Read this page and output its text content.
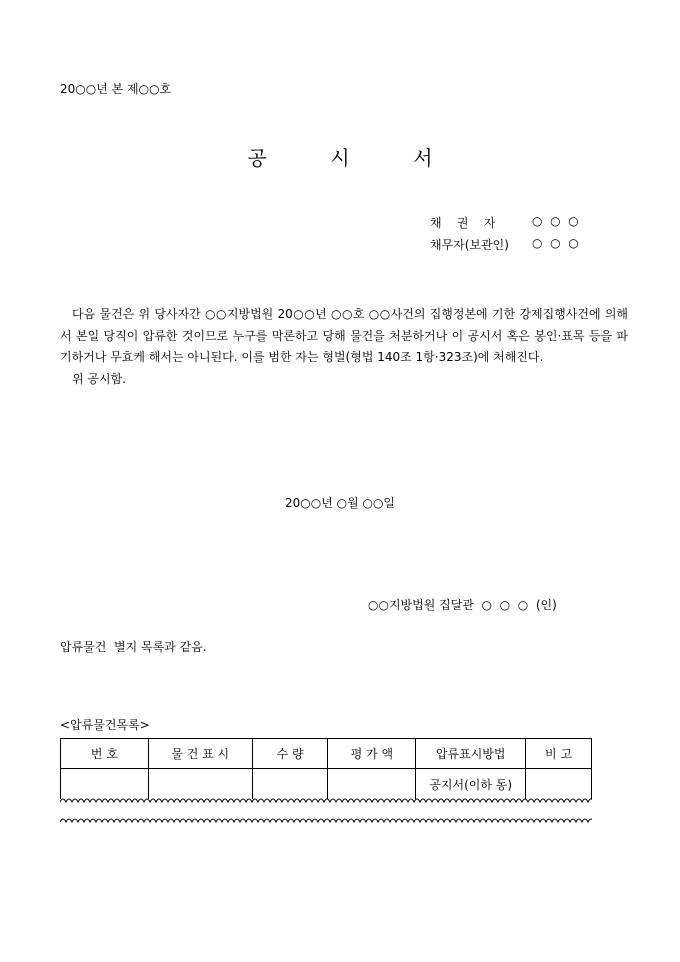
20○○년 본 제○○호
공          시          서
채    권    자	○  ○  ○
채무자(보관인) ○  ○  ○

다음 물건은 위 당사자간 ○○지방법원 20○○년 ○○호 ○○사건의 집행정본에 기한 강제집행사건에 의해서 본일 당직이 압류한 것이므로 누구를 막론하고 당해 물건을 처분하거나 이 공시서 혹은 봉인·표목 등을 파기하거나 무효케 해서는 아니된다. 이를 범한 자는 형벌(형법 140조 1항·323조)에 처해진다.

위 공시함.

20○○년 ○월 ○○일
○○지방법원 집달관  ○  ○  ○  (인)
압류물건  별지 목록과 같음.
<압류물건목록>
번 호	물 건 표 시	수 량	평 가 액	압류표시방법	비 고
				공지서(이하 동)	
